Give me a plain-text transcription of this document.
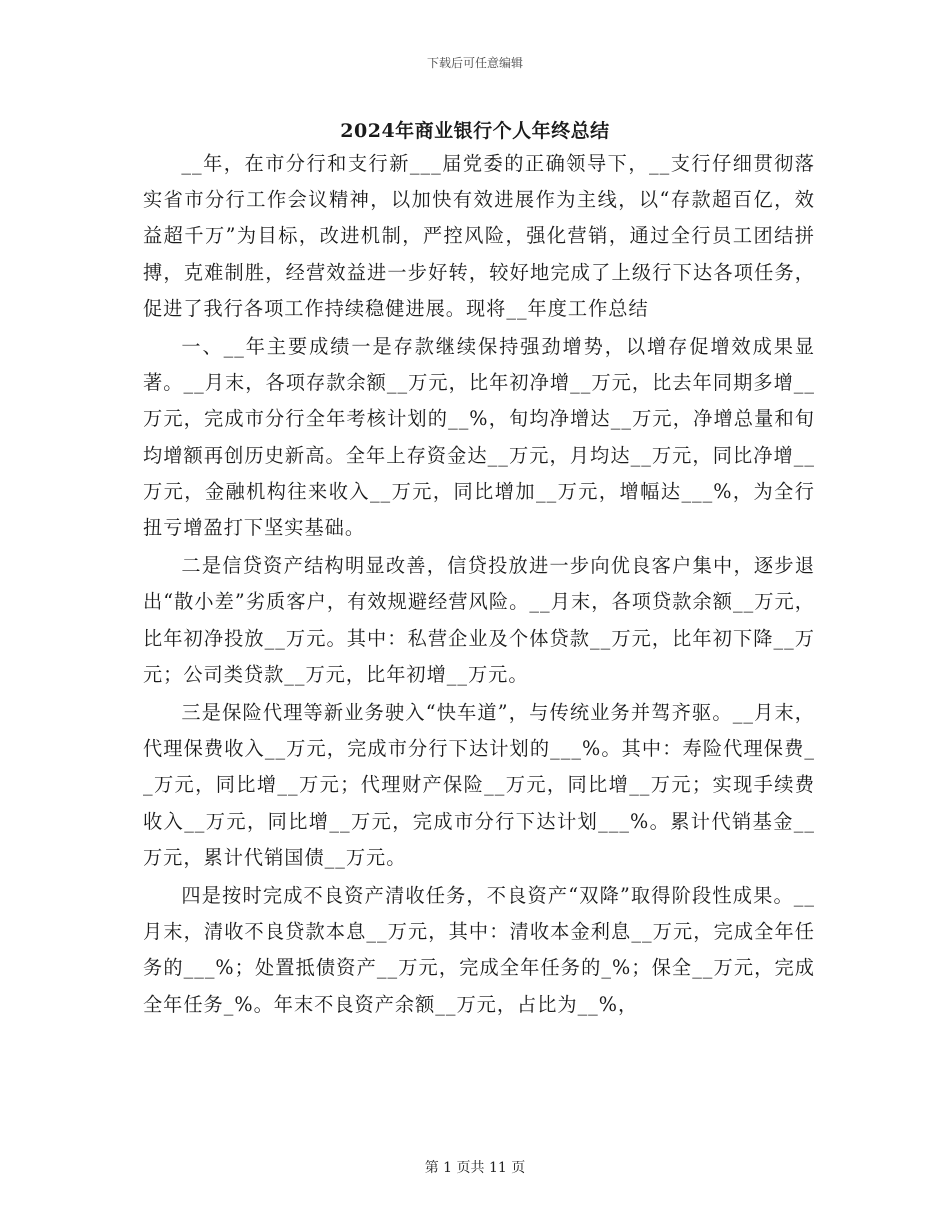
下载后可任意编辑
2024年商业银行个人年终总结

__年，在市分行和支行新___届党委的正确领导下，__支行仔细贯彻落实省市分行工作会议精神，以加快有效进展作为主线，以“存款超百亿，效益超千万”为目标，改进机制，严控风险，强化营销，通过全行员工团结拼搏，克难制胜，经营效益进一步好转，较好地完成了上级行下达各项任务，促进了我行各项工作持续稳健进展。现将__年度工作总结

一、__年主要成绩一是存款继续保持强劲增势，以增存促增效成果显著。__月末，各项存款余额__万元，比年初净增__万元，比去年同期多增__万元，完成市分行全年考核计划的__%，旬均净增达__万元，净增总量和旬均增额再创历史新高。全年上存资金达__万元，月均达__万元，同比净增__万元，金融机构往来收入__万元，同比增加__万元，增幅达___%，为全行扭亏增盈打下坚实基础。

二是信贷资产结构明显改善，信贷投放进一步向优良客户集中，逐步退出“散小差”劣质客户，有效规避经营风险。__月末，各项贷款余额__万元，比年初净投放__万元。其中：私营企业及个体贷款__万元，比年初下降__万元；公司类贷款__万元，比年初增__万元。

三是保险代理等新业务驶入“快车道”，与传统业务并驾齐驱。__月末，代理保费收入__万元，完成市分行下达计划的___%。其中：寿险代理保费__万元，同比增__万元；代理财产保险__万元，同比增__万元；实现手续费收入__万元，同比增__万元，完成市分行下达计划___%。累计代销基金__万元，累计代销国债__万元。

四是按时完成不良资产清收任务，不良资产“双降”取得阶段性成果。__月末，清收不良贷款本息__万元，其中：清收本金利息__万元，完成全年任务的___%；处置抵债资产__万元，完成全年任务的_%；保全__万元，完成全年任务_%。年末不良资产余额__万元，占比为__%，

第 1 页共 11 页
